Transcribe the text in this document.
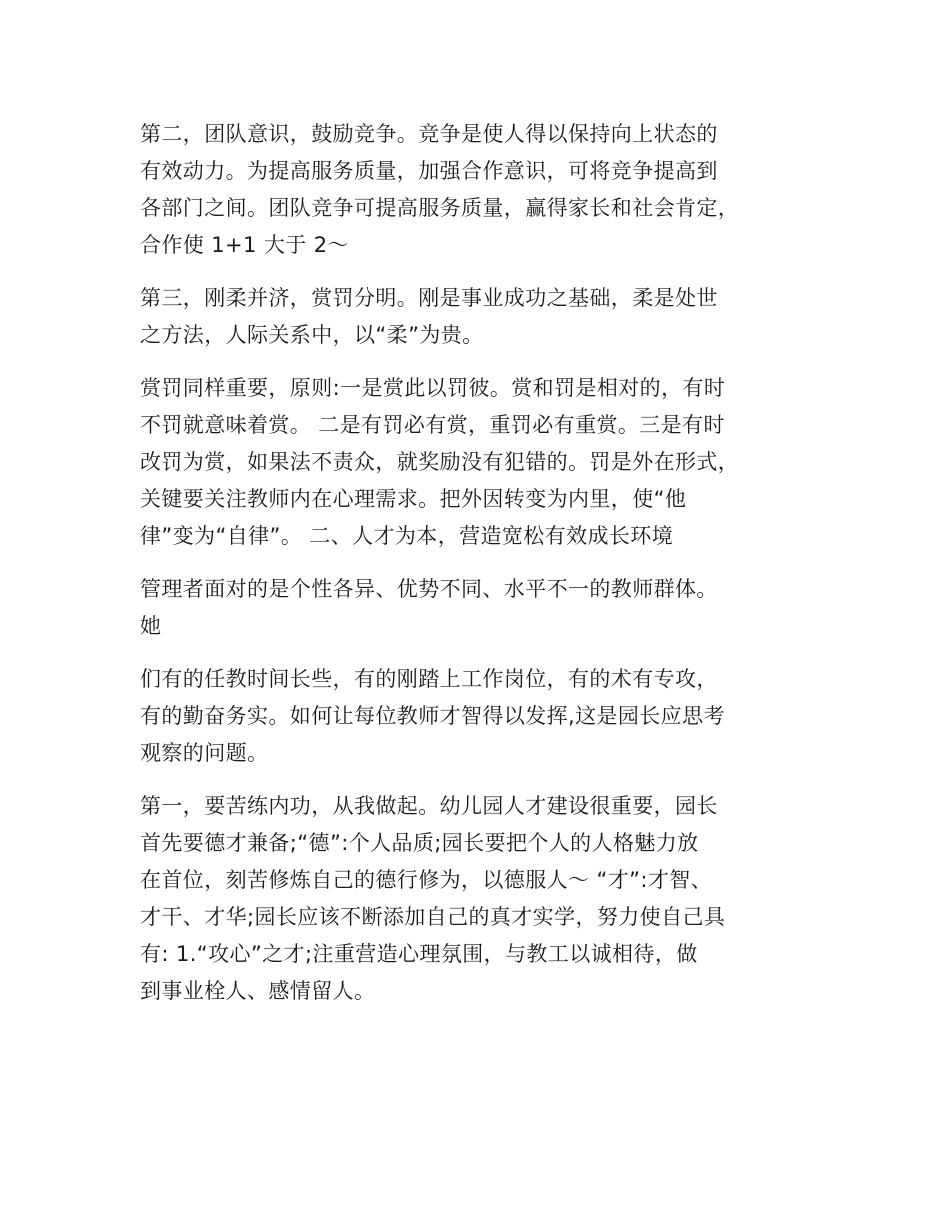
第二，团队意识，鼓励竞争。竞争是使人得以保持向上状态的
有效动力。为提高服务质量，加强合作意识，可将竞争提高到
各部门之间。团队竞争可提高服务质量，赢得家长和社会肯定，
合作使 1+1 大于 2～

第三，刚柔并济，赏罚分明。刚是事业成功之基础，柔是处世
之方法，人际关系中，以“柔”为贵。

赏罚同样重要，原则:一是赏此以罚彼。赏和罚是相对的，有时
不罚就意味着赏。 二是有罚必有赏，重罚必有重赏。三是有时
改罚为赏，如果法不责众，就奖励没有犯错的。罚是外在形式，
关键要关注教师内在心理需求。把外因转变为内里，使“他
律”变为“自律”。 二、人才为本，营造宽松有效成长环境

管理者面对的是个性各异、优势不同、水平不一的教师群体。
她

们有的任教时间长些，有的刚踏上工作岗位，有的术有专攻，
有的勤奋务实。如何让每位教师才智得以发挥,这是园长应思考
观察的问题。

第一，要苦练内功，从我做起。幼儿园人才建设很重要，园长
首先要德才兼备;“德”:个人品质;园长要把个人的人格魅力放
在首位，刻苦修炼自己的德行修为，以德服人～ “才”:才智、
才干、才华;园长应该不断添加自己的真才实学，努力使自己具
有: 1.“攻心”之才;注重营造心理氛围，与教工以诚相待，做
到事业栓人、感情留人。
